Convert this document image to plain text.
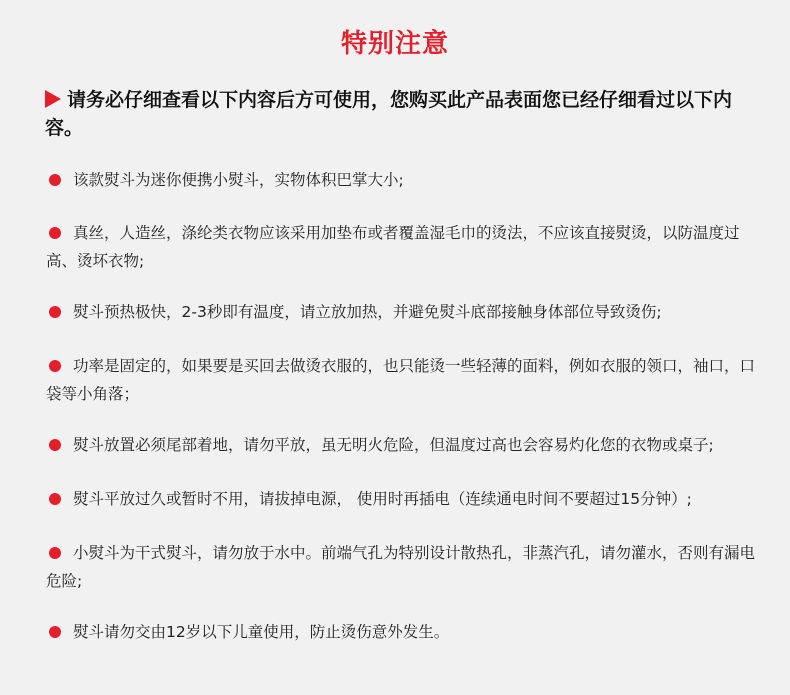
特别注意
请务必仔细查看以下内容后方可使用，您购买此产品表面您已经仔细看过以下内容。
该款熨斗为迷你便携小熨斗，实物体积巴掌大小;
真丝，人造丝，涤纶类衣物应该采用加垫布或者覆盖湿毛巾的烫法，不应该直接熨烫，以防温度过高、烫坏衣物;
熨斗预热极快，2-3秒即有温度，请立放加热，并避免熨斗底部接触身体部位导致烫伤;
功率是固定的，如果要是买回去做烫衣服的，也只能烫一些轻薄的面料，例如衣服的领口，袖口，口袋等小角落；
熨斗放置必须尾部着地，请勿平放，虽无明火危险，但温度过高也会容易灼化您的衣物或桌子;
熨斗平放过久或暂时不用，请拔掉电源， 使用时再插电（连续通电时间不要超过15分钟）;
小熨斗为干式熨斗，请勿放于水中。前端气孔为特别设计散热孔，非蒸汽孔，请勿灌水，否则有漏电危险;
熨斗请勿交由12岁以下儿童使用，防止烫伤意外发生。
